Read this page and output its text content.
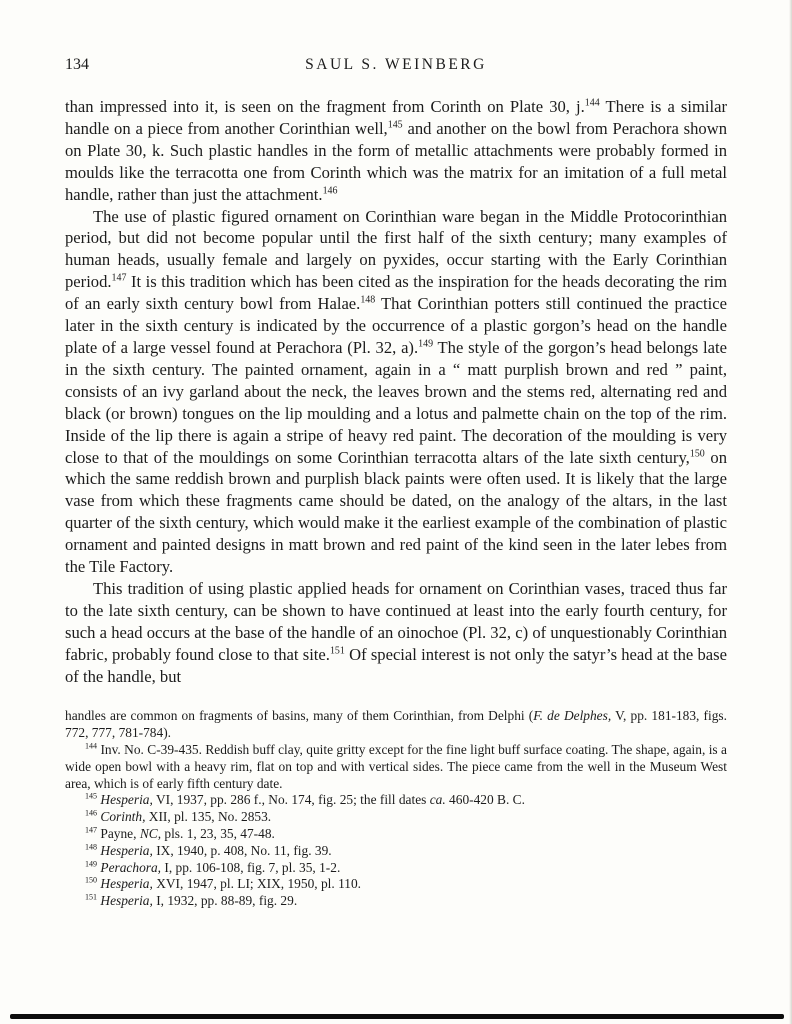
134	SAUL S. WEINBERG

than impressed into it, is seen on the fragment from Corinth on Plate 30, j.$^{144}$ There is a similar handle on a piece from another Corinthian well,$^{145}$ and another on the bowl from Perachora shown on Plate 30, k. Such plastic handles in the form of metallic attachments were probably formed in moulds like the terracotta one from Corinth which was the matrix for an imitation of a full metal handle, rather than just the attachment.$^{146}$

The use of plastic figured ornament on Corinthian ware began in the Middle Protocorinthian period, but did not become popular until the first half of the sixth century; many examples of human heads, usually female and largely on pyxides, occur starting with the Early Corinthian period.$^{147}$ It is this tradition which has been cited as the inspiration for the heads decorating the rim of an early sixth century bowl from Halae.$^{148}$ That Corinthian potters still continued the practice later in the sixth century is indicated by the occurrence of a plastic gorgon’s head on the handle plate of a large vessel found at Perachora (Pl. 32, a).$^{149}$ The style of the gorgon’s head belongs late in the sixth century. The painted ornament, again in a “ matt purplish brown and red ” paint, consists of an ivy garland about the neck, the leaves brown and the stems red, alternating red and black (or brown) tongues on the lip moulding and a lotus and palmette chain on the top of the rim. Inside of the lip there is again a stripe of heavy red paint. The decoration of the moulding is very close to that of the mouldings on some Corinthian terracotta altars of the late sixth century,$^{150}$ on which the same reddish brown and purplish black paints were often used. It is likely that the large vase from which these fragments came should be dated, on the analogy of the altars, in the last quarter of the sixth century, which would make it the earliest example of the combination of plastic ornament and painted designs in matt brown and red paint of the kind seen in the later lebes from the Tile Factory.

This tradition of using plastic applied heads for ornament on Corinthian vases, traced thus far to the late sixth century, can be shown to have continued at least into the early fourth century, for such a head occurs at the base of the handle of an oinochoe (Pl. 32, c) of unquestionably Corinthian fabric, probably found close to that site.$^{151}$ Of special interest is not only the satyr’s head at the base of the handle, but

handles are common on fragments of basins, many of them Corinthian, from Delphi (F. de Delphes, V, pp. 181-183, figs. 772, 777, 781-784).

$^{144}$ Inv. No. C-39-435. Reddish buff clay, quite gritty except for the fine light buff surface coating. The shape, again, is a wide open bowl with a heavy rim, flat on top and with vertical sides. The piece came from the well in the Museum West area, which is of early fifth century date.

$^{145}$ Hesperia, VI, 1937, pp. 286 f., No. 174, fig. 25; the fill dates ca. 460-420 B. C.

$^{146}$ Corinth, XII, pl. 135, No. 2853.

$^{147}$ Payne, NC, pls. 1, 23, 35, 47-48.

$^{148}$ Hesperia, IX, 1940, p. 408, No. 11, fig. 39.

$^{149}$ Perachora, I, pp. 106-108, fig. 7, pl. 35, 1-2.

$^{150}$ Hesperia, XVI, 1947, pl. LI; XIX, 1950, pl. 110.

$^{151}$ Hesperia, I, 1932, pp. 88-89, fig. 29.
